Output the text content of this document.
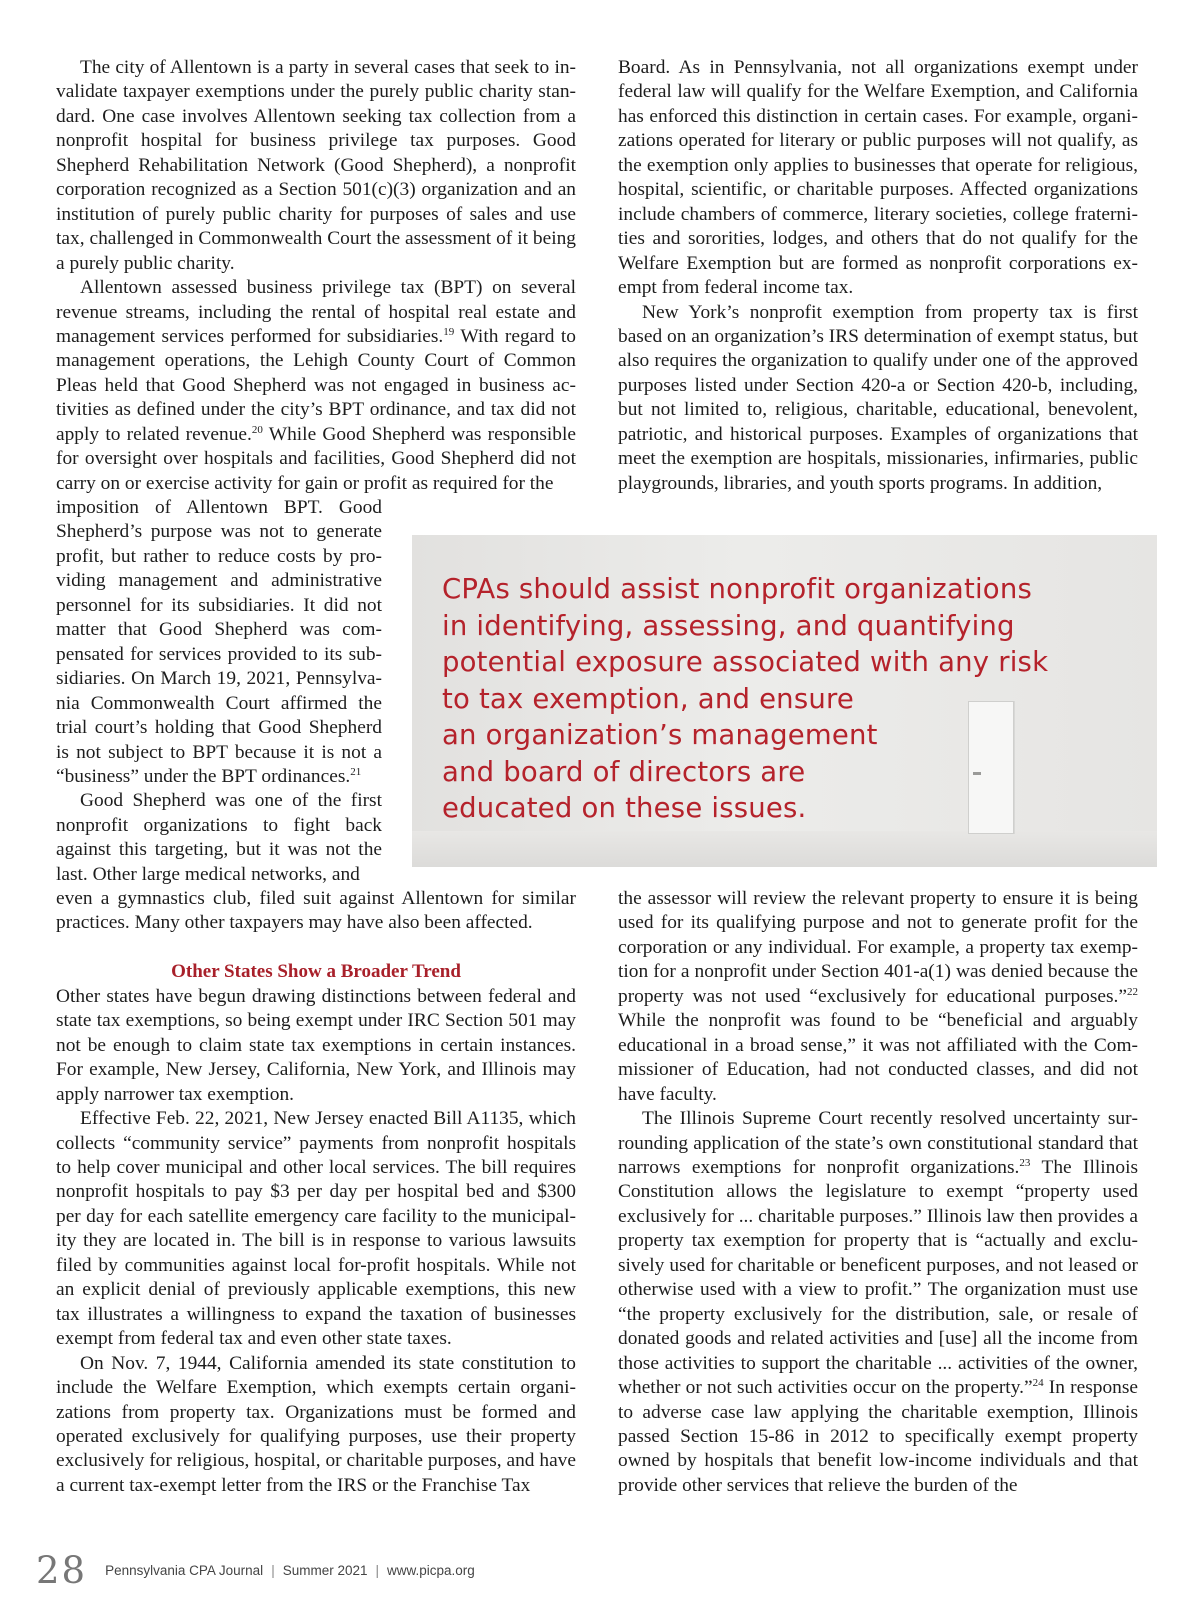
The city of Allentown is a party in several cases that seek to invalidate taxpayer exemptions under the purely public charity standard. One case involves Allentown seeking tax collection from a nonprofit hospital for business privilege tax purposes. Good Shepherd Rehabilitation Network (Good Shepherd), a nonprofit corporation recognized as a Section 501(c)(3) organization and an institution of purely public charity for purposes of sales and use tax, challenged in Commonwealth Court the assessment of it being a purely public charity.

Allentown assessed business privilege tax (BPT) on several revenue streams, including the rental of hospital real estate and management services performed for subsidiaries.$^{19}$ With regard to management operations, the Lehigh County Court of Common Pleas held that Good Shepherd was not engaged in business activities as defined under the city’s BPT ordinance, and tax did not apply to related revenue.$^{20}$ While Good Shepherd was responsible for oversight over hospitals and facilities, Good Shepherd did not carry on or exercise activity for gain or profit as required for the

imposition of Allentown BPT. Good Shepherd’s purpose was not to generate profit, but rather to reduce costs by providing management and administrative personnel for its subsidiaries. It did not matter that Good Shepherd was compensated for services provided to its subsidiaries. On March 19, 2021, Pennsylvania Commonwealth Court affirmed the trial court’s holding that Good Shepherd is not subject to BPT because it is not a “business” under the BPT ordinances.$^{21}$

Good Shepherd was one of the first nonprofit organizations to fight back against this targeting, but it was not the last. Other large medical networks, and

even a gymnastics club, filed suit against Allentown for similar practices. Many other taxpayers may have also been affected.

Other States Show a Broader Trend

Other states have begun drawing distinctions between federal and state tax exemptions, so being exempt under IRC Section 501 may not be enough to claim state tax exemptions in certain instances. For example, New Jersey, California, New York, and Illinois may apply narrower tax exemption.

Effective Feb. 22, 2021, New Jersey enacted Bill A1135, which collects “community service” payments from nonprofit hospitals to help cover municipal and other local services. The bill requires nonprofit hospitals to pay $3 per day per hospital bed and $300 per day for each satellite emergency care facility to the municipality they are located in. The bill is in response to various lawsuits filed by communities against local for-profit hospitals. While not an explicit denial of previously applicable exemptions, this new tax illustrates a willingness to expand the taxation of businesses exempt from federal tax and even other state taxes.

On Nov. 7, 1944, California amended its state constitution to include the Welfare Exemption, which exempts certain organizations from property tax. Organizations must be formed and operated exclusively for qualifying purposes, use their property exclusively for religious, hospital, or charitable purposes, and have a current tax-exempt letter from the IRS or the Franchise Tax

Board. As in Pennsylvania, not all organizations exempt under federal law will qualify for the Welfare Exemption, and California has enforced this distinction in certain cases. For example, organizations operated for literary or public purposes will not qualify, as the exemption only applies to businesses that operate for religious, hospital, scientific, or charitable purposes. Affected organizations include chambers of commerce, literary societies, college fraternities and sororities, lodges, and others that do not qualify for the Welfare Exemption but are formed as nonprofit corporations exempt from federal income tax.

New York’s nonprofit exemption from property tax is first based on an organization’s IRS determination of exempt status, but also requires the organization to qualify under one of the approved purposes listed under Section 420-a or Section 420-b, including, but not limited to, religious, charitable, educational, benevolent, patriotic, and historical purposes. Examples of organizations that meet the exemption are hospitals, missionaries, infirmaries, public playgrounds, libraries, and youth sports programs. In addition,

the assessor will review the relevant property to ensure it is being used for its qualifying purpose and not to generate profit for the corporation or any individual. For example, a property tax exemption for a nonprofit under Section 401-a(1) was denied because the property was not used “exclusively for educational purposes.”$^{22}$ While the nonprofit was found to be “beneficial and arguably educational in a broad sense,” it was not affiliated with the Commissioner of Education, had not conducted classes, and did not have faculty.

The Illinois Supreme Court recently resolved uncertainty surrounding application of the state’s own constitutional standard that narrows exemptions for nonprofit organizations.$^{23}$ The Illinois Constitution allows the legislature to exempt “property used exclusively for ... charitable purposes.” Illinois law then provides a property tax exemption for property that is “actually and exclusively used for charitable or beneficent purposes, and not leased or otherwise used with a view to profit.” The organization must use “the property exclusively for the distribution, sale, or resale of donated goods and related activities and [use] all the income from those activities to support the charitable ... activities of the owner, whether or not such activities occur on the property.”$^{24}$ In response to adverse case law applying the charitable exemption, Illinois passed Section 15-86 in 2012 to specifically exempt property owned by hospitals that benefit low-income individuals and that provide other services that relieve the burden of the

CPAs should assist nonprofit organizations
in identifying, assessing, and quantifying
potential exposure associated with any risk
to tax exemption, and ensure
an organization’s management
and board of directors are
educated on these issues.
28 Pennsylvania CPA Journal | Summer 2021 | www.picpa.org
